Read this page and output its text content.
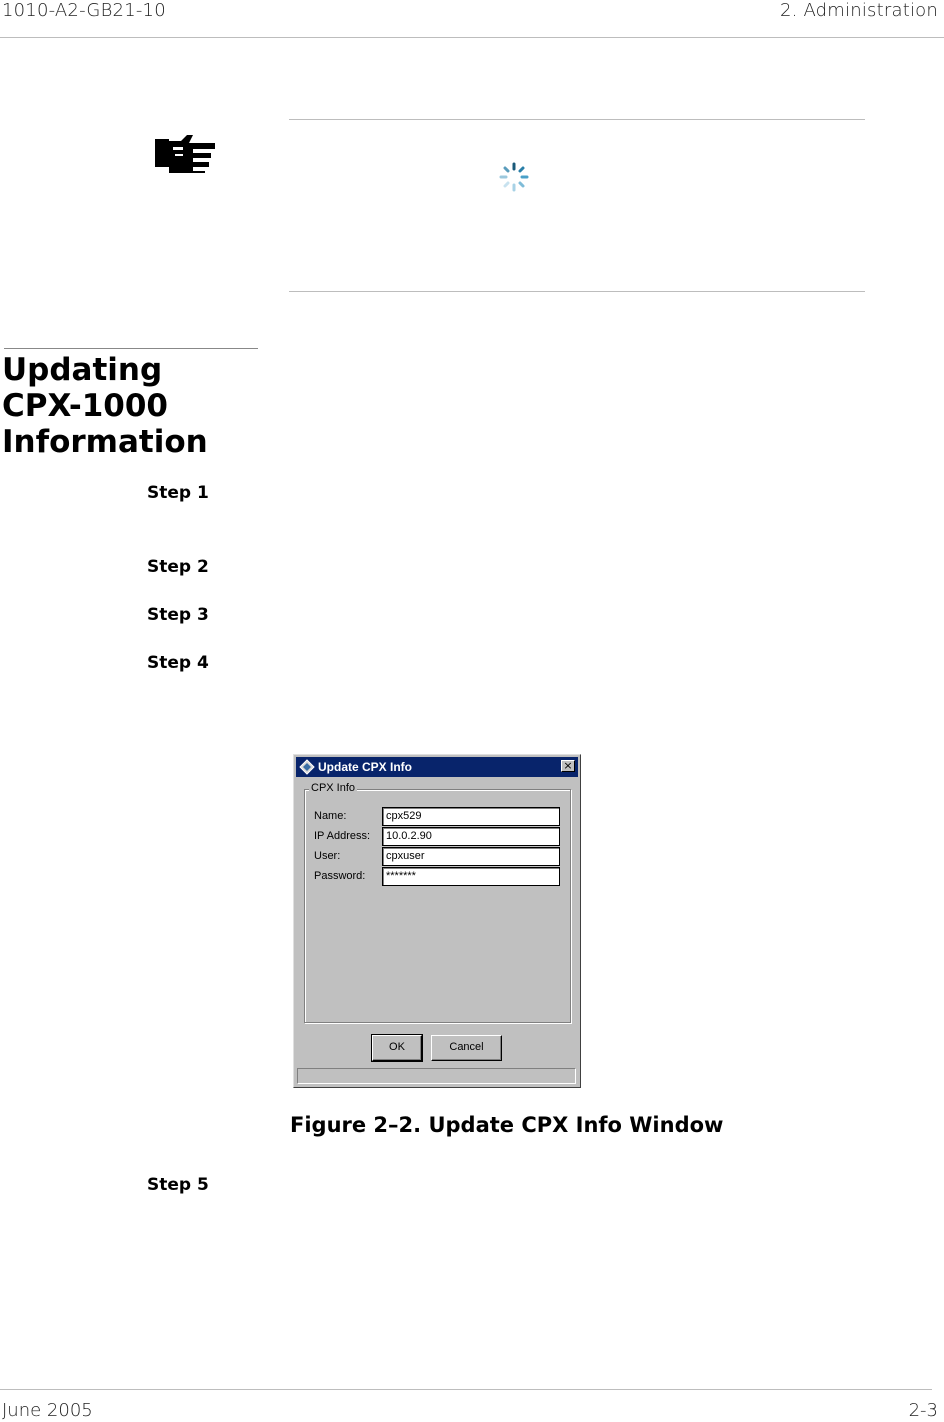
1010-A2-GB21-10	2. Administration
Updating
CPX-1000
Information
Step 1
Step 2
Step 3
Step 4
Step 5
Update CPX Info	×
CPX Info
Name:	cpx529
IP Address:	10.0.2.90
User:	cpxuser
Password:	*******
OK	Cancel
Figure 2–2. Update CPX Info Window
June 2005	2-3
